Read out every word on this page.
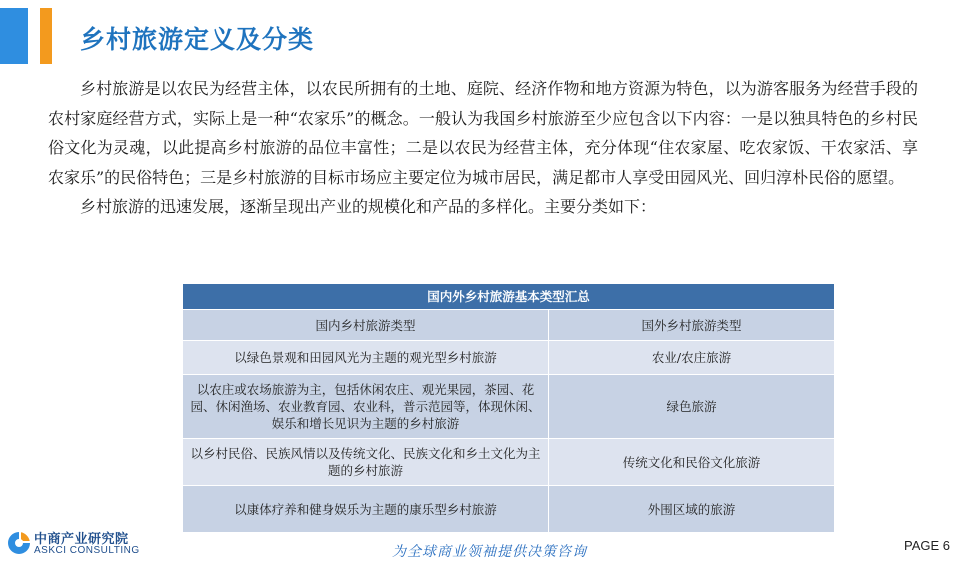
乡村旅游定义及分类

乡村旅游是以农民为经营主体，以农民所拥有的土地、庭院、经济作物和地方资源为特色，以为游客服务为经营手段的农村家庭经营方式，实际上是一种“农家乐”的概念。一般认为我国乡村旅游至少应包含以下内容：一是以独具特色的乡村民俗文化为灵魂，以此提高乡村旅游的品位丰富性；二是以农民为经营主体，充分体现“住农家屋、吃农家饭、干农家活、享农家乐”的民俗特色；三是乡村旅游的目标市场应主要定位为城市居民，满足都市人享受田园风光、回归淳朴民俗的愿望。

乡村旅游的迅速发展，逐渐呈现出产业的规模化和产品的多样化。主要分类如下：

国内外乡村旅游基本类型汇总	
国内乡村旅游类型	国外乡村旅游类型
以绿色景观和田园风光为主题的观光型乡村旅游	农业/农庄旅游
以农庄或农场旅游为主，包括休闲农庄、观光果园，茶园、花园、休闲渔场、农业教育园、农业科，普示范园等，体现休闲、娱乐和增长见识为主题的乡村旅游	绿色旅游
以乡村民俗、民族风情以及传统文化、民族文化和乡土文化为主题的乡村旅游	传统文化和民俗文化旅游
以康体疗养和健身娱乐为主题的康乐型乡村旅游	外围区域的旅游
中商产业研究院
ASKCI CONSULTING	为全球商业领袖提供决策咨询	PAGE 6
